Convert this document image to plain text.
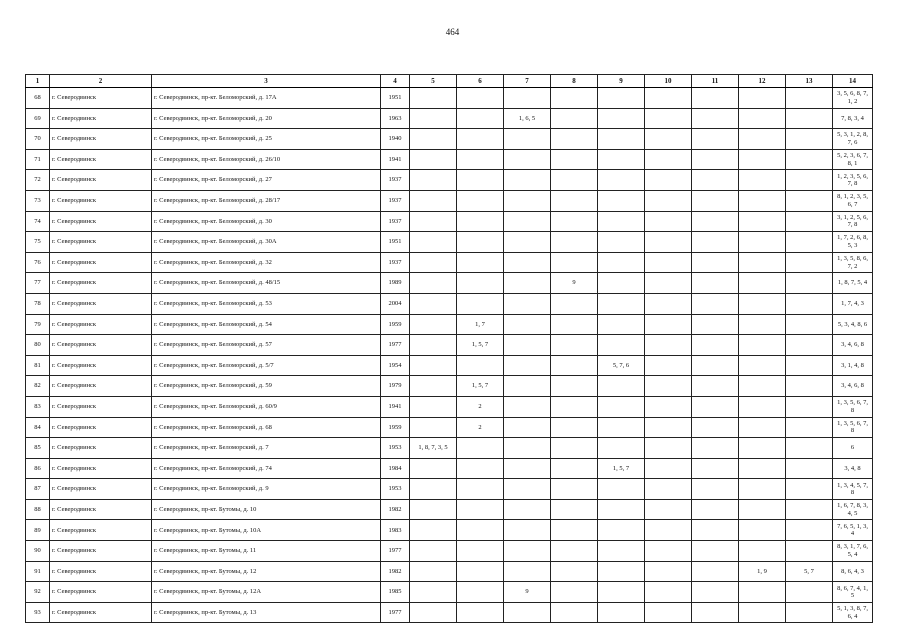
464
1	2	3	4	5	6	7	8	9	10	11	12	13	14
68	г. Северодвинск	г. Северодвинск, пр-кт. Беломорский, д. 17А	1951										3, 5, 6, 8, 7, 1, 2
69	г. Северодвинск	г. Северодвинск, пр-кт. Беломорский, д. 20	1963			1, 6, 5							7, 8, 3, 4
70	г. Северодвинск	г. Северодвинск, пр-кт. Беломорский, д. 25	1940										5, 3, 1, 2, 8, 7, 6
71	г. Северодвинск	г. Северодвинск, пр-кт. Беломорский, д. 26/10	1941										5, 2, 3, 6, 7, 8, 1
72	г. Северодвинск	г. Северодвинск, пр-кт. Беломорский, д. 27	1937										1, 2, 3, 5, 6, 7, 8
73	г. Северодвинск	г. Северодвинск, пр-кт. Беломорский, д. 28/17	1937										8, 1, 2, 3, 5, 6, 7
74	г. Северодвинск	г. Северодвинск, пр-кт. Беломорский, д. 30	1937										3, 1, 2, 5, 6, 7, 8
75	г. Северодвинск	г. Северодвинск, пр-кт. Беломорский, д. 30А	1951										1, 7, 2, 6, 8, 5, 3
76	г. Северодвинск	г. Северодвинск, пр-кт. Беломорский, д. 32	1937										1, 3, 5, 8, 6, 7, 2
77	г. Северодвинск	г. Северодвинск, пр-кт. Беломорский, д. 48/15	1989				9						1, 8, 7, 5, 4
78	г. Северодвинск	г. Северодвинск, пр-кт. Беломорский, д. 53	2004										1, 7, 4, 3
79	г. Северодвинск	г. Северодвинск, пр-кт. Беломорский, д. 54	1959		1, 7								5, 3, 4, 8, 6
80	г. Северодвинск	г. Северодвинск, пр-кт. Беломорский, д. 57	1977		1, 5, 7								3, 4, 6, 8
81	г. Северодвинск	г. Северодвинск, пр-кт. Беломорский, д. 5/7	1954					5, 7, 6					3, 1, 4, 8
82	г. Северодвинск	г. Северодвинск, пр-кт. Беломорский, д. 59	1979		1, 5, 7								3, 4, 6, 8
83	г. Северодвинск	г. Северодвинск, пр-кт. Беломорский, д. 60/9	1941		2								1, 3, 5, 6, 7, 8
84	г. Северодвинск	г. Северодвинск, пр-кт. Беломорский, д. 68	1959		2								1, 3, 5, 6, 7, 8
85	г. Северодвинск	г. Северодвинск, пр-кт. Беломорский, д. 7	1953	1, 8, 7, 3, 5									6
86	г. Северодвинск	г. Северодвинск, пр-кт. Беломорский, д. 74	1984					1, 5, 7					3, 4, 8
87	г. Северодвинск	г. Северодвинск, пр-кт. Беломорский, д. 9	1953										1, 3, 4, 5, 7, 8
88	г. Северодвинск	г. Северодвинск, пр-кт. Бутомы, д. 10	1982										1, 6, 7, 8, 3, 4, 5
89	г. Северодвинск	г. Северодвинск, пр-кт. Бутомы, д. 10А	1983										7, 6, 5, 1, 3, 4
90	г. Северодвинск	г. Северодвинск, пр-кт. Бутомы, д. 11	1977										8, 3, 1, 7, 6, 5, 4
91	г. Северодвинск	г. Северодвинск, пр-кт. Бутомы, д. 12	1982								1, 9	5, 7	8, 6, 4, 3
92	г. Северодвинск	г. Северодвинск, пр-кт. Бутомы, д. 12А	1985			9							8, 6, 7, 4, 1, 5
93	г. Северодвинск	г. Северодвинск, пр-кт. Бутомы, д. 13	1977										5, 1, 3, 8, 7, 6, 4
